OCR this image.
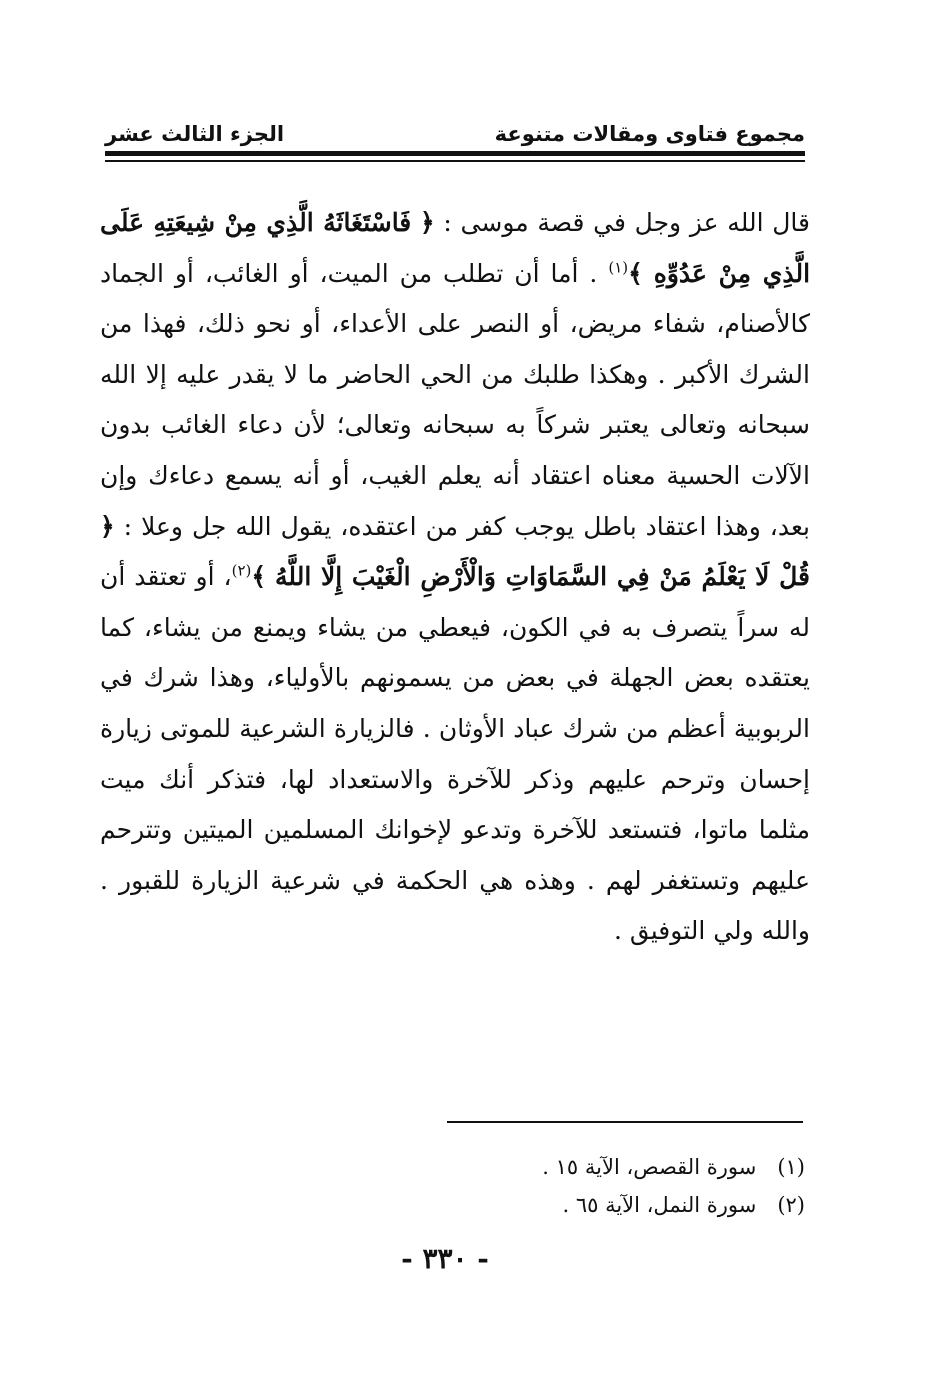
مجموع فتاوى ومقالات متنوعة
الجزء الثالث عشر

قال الله عز وجل في قصة موسى : ﴿ فَاسْتَغَاثَهُ الَّذِي مِنْ شِيعَتِهِ عَلَى الَّذِي مِنْ عَدُوِّهِ ﴾$^{(١)}$ . أما أن تطلب من الميت، أو الغائب، أو الجماد كالأصنام، شفاء مريض، أو النصر على الأعداء، أو نحو ذلك، فهذا من الشرك الأكبر . وهكذا طلبك من الحي الحاضر ما لا يقدر عليه إلا الله سبحانه وتعالى يعتبر شركاً به سبحانه وتعالى؛ لأن دعاء الغائب بدون الآلات الحسية معناه اعتقاد أنه يعلم الغيب، أو أنه يسمع دعاءك وإن بعد، وهذا اعتقاد باطل يوجب كفر من اعتقده، يقول الله جل وعلا : ﴿ قُلْ لَا يَعْلَمُ مَنْ فِي السَّمَاوَاتِ وَالْأَرْضِ الْغَيْبَ إِلَّا اللَّهُ ﴾$^{(٢)}$، أو تعتقد أن له سراً يتصرف به في الكون، فيعطي من يشاء ويمنع من يشاء، كما يعتقده بعض الجهلة في بعض من يسمونهم بالأولياء، وهذا شرك في الربوبية أعظم من شرك عباد الأوثان . فالزيارة الشرعية للموتى زيارة إحسان وترحم عليهم وذكر للآخرة والاستعداد لها، فتذكر أنك ميت مثلما ماتوا، فتستعد للآخرة وتدعو لإخوانك المسلمين الميتين وتترحم عليهم وتستغفر لهم . وهذه هي الحكمة في شرعية الزيارة للقبور . والله ولي التوفيق .

(١) سورة القصص، الآية ١٥ .
(٢) سورة النمل، الآية ٦٥ .
- ٣٣٠ -
